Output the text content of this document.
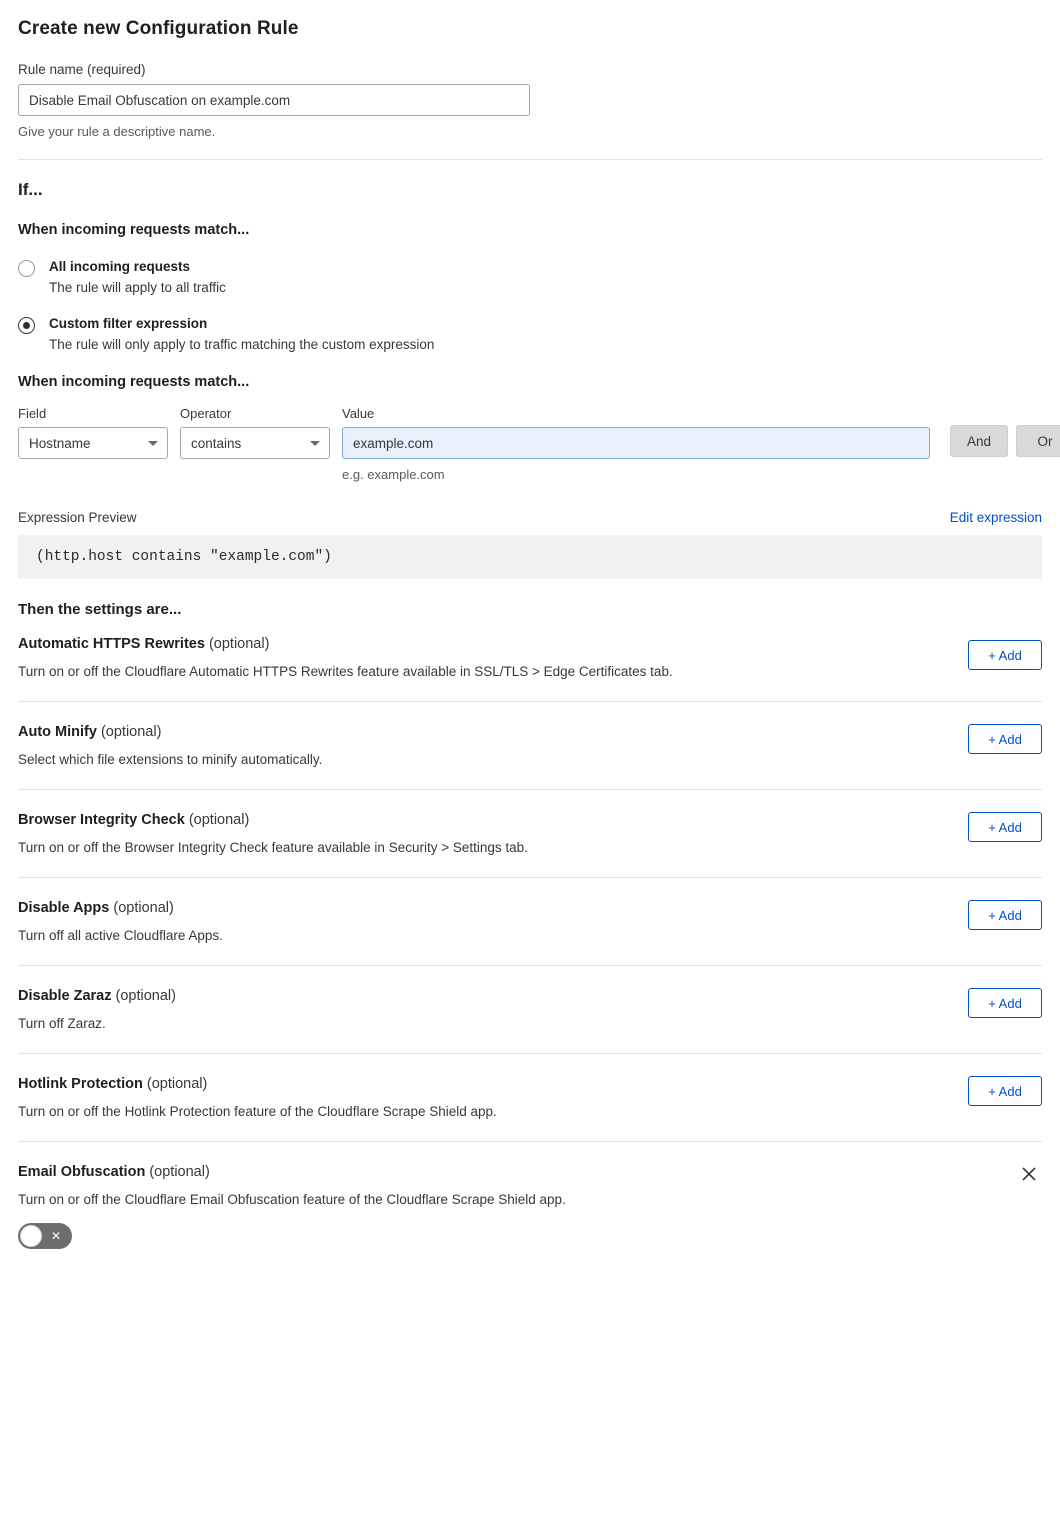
Create new Configuration Rule
Rule name (required)
Disable Email Obfuscation on example.com
Give your rule a descriptive name.
If...
When incoming requests match...
All incoming requests
The rule will apply to all traffic
Custom filter expression
The rule will only apply to traffic matching the custom expression
When incoming requests match...
Field
Hostname
Operator
contains
Value
example.com
e.g. example.com
And	Or
Expression Preview	Edit expression
(http.host contains "example.com")
Then the settings are...
Automatic HTTPS Rewrites (optional)
Turn on or off the Cloudflare Automatic HTTPS Rewrites feature available in SSL/TLS > Edge Certificates tab.
+ Add
Auto Minify (optional)
Select which file extensions to minify automatically.
+ Add
Browser Integrity Check (optional)
Turn on or off the Browser Integrity Check feature available in Security > Settings tab.
+ Add
Disable Apps (optional)
Turn off all active Cloudflare Apps.
+ Add
Disable Zaraz (optional)
Turn off Zaraz.
+ Add
Hotlink Protection (optional)
Turn on or off the Hotlink Protection feature of the Cloudflare Scrape Shield app.
+ Add
Email Obfuscation (optional)
Turn on or off the Cloudflare Email Obfuscation feature of the Cloudflare Scrape Shield app.
✕
